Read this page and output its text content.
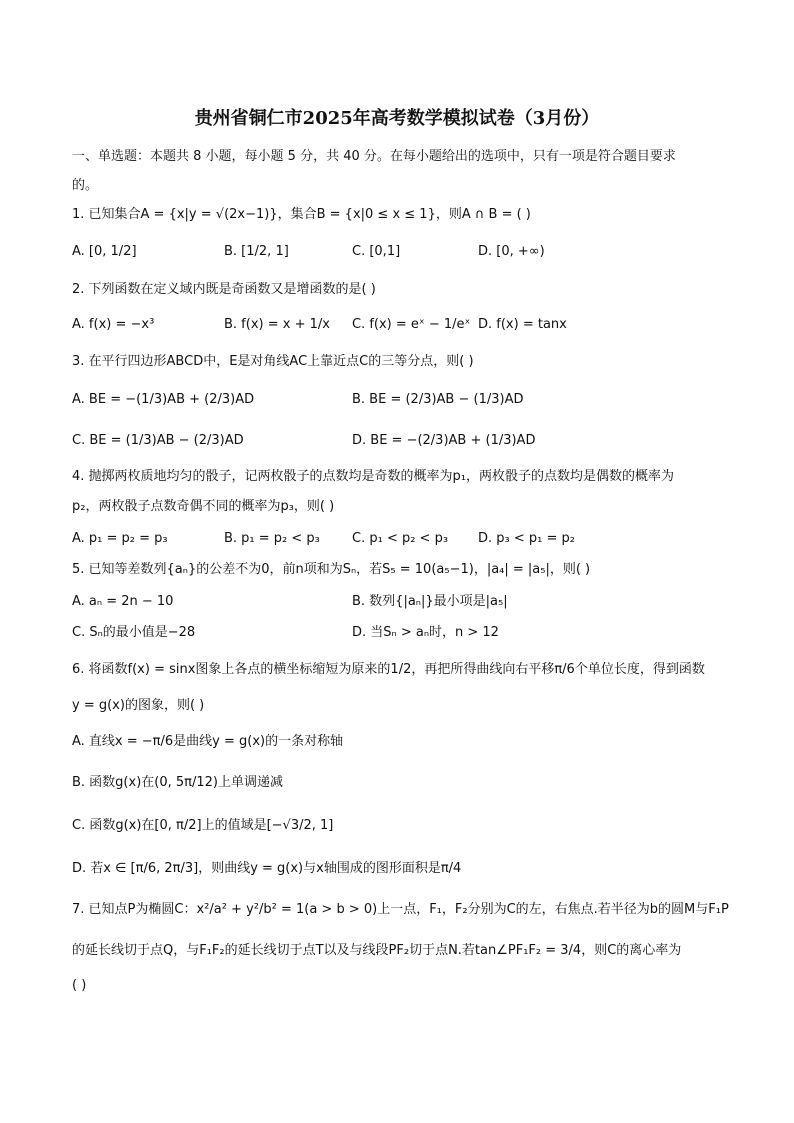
贵州省铜仁市2025年高考数学模拟试卷（3月份）
一、单选题：本题共 8 小题，每小题 5 分，共 40 分。在每小题给出的选项中，只有一项是符合题目要求
的。
1. 已知集合A = {x|y = √(2x−1)}，集合B = {x|0 ≤ x ≤ 1}，则A ∩ B = ( )
A. [0, 1/2]	B. [1/2, 1]	C. [0,1]	D. [0, +∞)
2. 下列函数在定义域内既是奇函数又是增函数的是( )
A. f(x) = −x³	B. f(x) = x + 1/x C. f(x) = eˣ − 1/eˣ D. f(x) = tanx
3. 在平行四边形ABCD中，E是对角线AC上靠近点C的三等分点，则( )
A. BE = −(1/3)AB + (2/3)AD	B. BE = (2/3)AB − (1/3)AD
C. BE = (1/3)AB − (2/3)AD	D. BE = −(2/3)AB + (1/3)AD
4. 抛掷两枚质地均匀的骰子，记两枚骰子的点数均是奇数的概率为p₁，两枚骰子的点数均是偶数的概率为
p₂，两枚骰子点数奇偶不同的概率为p₃，则( )
A. p₁ = p₂ = p₃	B. p₁ = p₂ < p₃ C. p₁ < p₂ < p₃ D. p₃ < p₁ = p₂
5. 已知等差数列{aₙ}的公差不为0，前n项和为Sₙ，若S₅ = 10(a₅−1)，|a₄| = |a₅|，则( )
A. aₙ = 2n − 10	B. 数列{|aₙ|}最小项是|a₅|
C. Sₙ的最小值是−28	D. 当Sₙ > aₙ时，n > 12
6. 将函数f(x) = sinx图象上各点的横坐标缩短为原来的1/2，再把所得曲线向右平移π/6个单位长度，得到函数
y = g(x)的图象，则( )
A. 直线x = −π/6是曲线y = g(x)的一条对称轴
B. 函数g(x)在(0, 5π/12)上单调递减
C. 函数g(x)在[0, π/2]上的值域是[−√3/2, 1]
D. 若x ∈ [π/6, 2π/3]，则曲线y = g(x)与x轴围成的图形面积是π/4
7. 已知点P为椭圆C：x²/a² + y²/b² = 1(a > b > 0)上一点，F₁，F₂分别为C的左，右焦点.若半径为b的圆M与F₁P
的延长线切于点Q，与F₁F₂的延长线切于点T以及与线段PF₂切于点N.若tan∠PF₁F₂ = 3/4，则C的离心率为
( )
